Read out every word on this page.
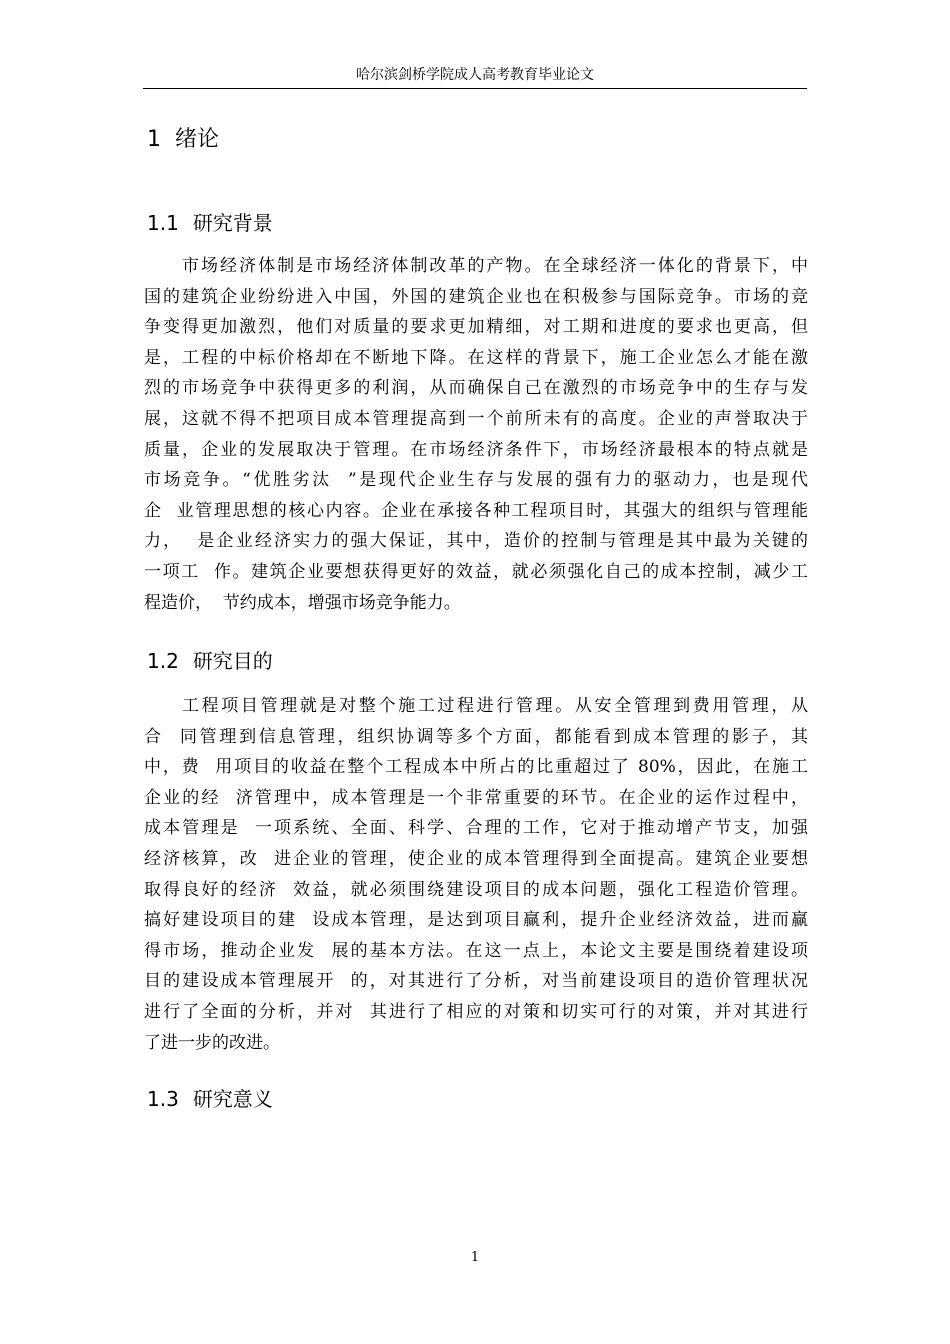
哈尔滨剑桥学院成人高考教育毕业论文
1 绪论
1.1 研究背景
市场经济体制是市场经济体制改革的产物。在全球经济一体化的背景下，中
国的建筑企业纷纷进入中国，外国的建筑企业也在积极参与国际竞争。市场的竞
争变得更加激烈，他们对质量的要求更加精细，对工期和进度的要求也更高，但
是，工程的中标价格却在不断地下降。在这样的背景下，施工企业怎么才能在激
烈的市场竞争中获得更多的利润，从而确保自己在激烈的市场竞争中的生存与发
展，这就不得不把项目成本管理提高到一个前所未有的高度。企业的声誉取决于
质量，企业的发展取决于管理。在市场经济条件下，市场经济最根本的特点就是
市场竞争。“优胜劣汰  ”是现代企业生存与发展的强有力的驱动力，也是现代
企  业管理思想的核心内容。企业在承接各种工程项目时，其强大的组织与管理能
力，  是企业经济实力的强大保证，其中，造价的控制与管理是其中最为关键的
一项工  作。建筑企业要想获得更好的效益，就必须强化自己的成本控制，减少工
程造价，  节约成本，增强市场竞争能力。
1.2 研究目的
工程项目管理就是对整个施工过程进行管理。从安全管理到费用管理，从
合  同管理到信息管理，组织协调等多个方面，都能看到成本管理的影子，其
中，费  用项目的收益在整个工程成本中所占的比重超过了 80%，因此，在施工
企业的经  济管理中，成本管理是一个非常重要的环节。在企业的运作过程中，
成本管理是  一项系统、全面、科学、合理的工作，它对于推动增产节支，加强
经济核算，改  进企业的管理，使企业的成本管理得到全面提高。建筑企业要想
取得良好的经济  效益，就必须围绕建设项目的成本问题，强化工程造价管理。
搞好建设项目的建  设成本管理，是达到项目赢利，提升企业经济效益，进而赢
得市场，推动企业发  展的基本方法。在这一点上，本论文主要是围绕着建设项
目的建设成本管理展开  的，对其进行了分析，对当前建设项目的造价管理状况
进行了全面的分析，并对  其进行了相应的对策和切实可行的对策，并对其进行
了进一步的改进。
1.3 研究意义
1
